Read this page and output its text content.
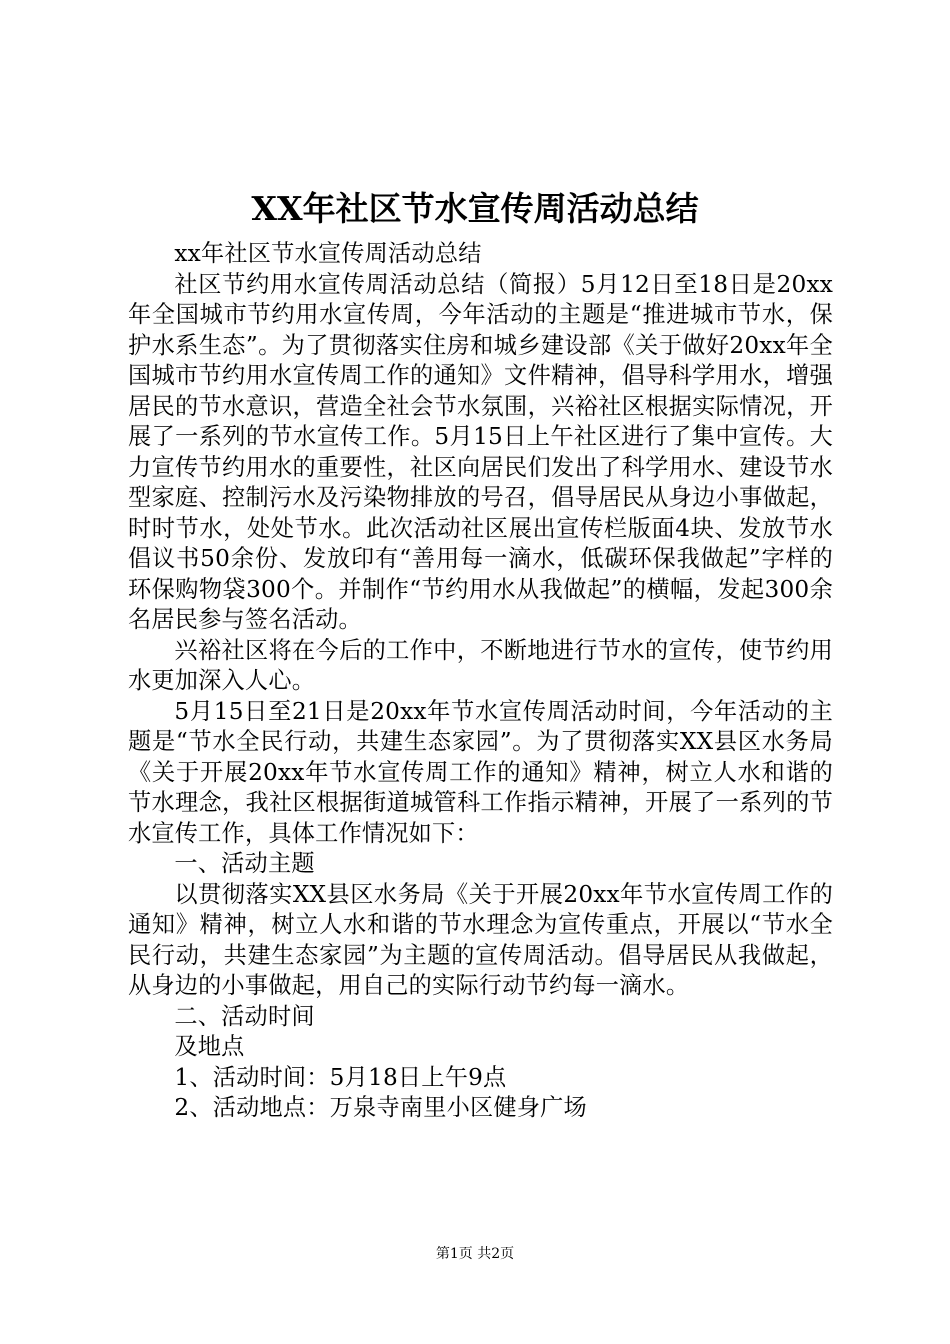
XX年社区节水宣传周活动总结

xx年社区节水宣传周活动总结

社区节约用水宣传周活动总结（简报）5月12日至18日是20xx年全国城市节约用水宣传周，今年活动的主题是“推进城市节水，保护水系生态”。为了贯彻落实住房和城乡建设部《关于做好20xx年全国城市节约用水宣传周工作的通知》文件精神，倡导科学用水，增强居民的节水意识，营造全社会节水氛围，兴裕社区根据实际情况，开展了一系列的节水宣传工作。5月15日上午社区进行了集中宣传。大力宣传节约用水的重要性，社区向居民们发出了科学用水、建设节水型家庭、控制污水及污染物排放的号召，倡导居民从身边小事做起，时时节水，处处节水。此次活动社区展出宣传栏版面4块、发放节水倡议书50余份、发放印有“善用每一滴水，低碳环保我做起”字样的环保购物袋300个。并制作“节约用水从我做起”的横幅，发起300余名居民参与签名活动。

兴裕社区将在今后的工作中，不断地进行节水的宣传，使节约用水更加深入人心。

5月15日至21日是20xx年节水宣传周活动时间，今年活动的主题是“节水全民行动，共建生态家园”。为了贯彻落实XX县区水务局《关于开展20xx年节水宣传周工作的通知》精神，树立人水和谐的节水理念，我社区根据街道城管科工作指示精神，开展了一系列的节水宣传工作，具体工作情况如下：

一、活动主题

以贯彻落实XX县区水务局《关于开展20xx年节水宣传周工作的通知》精神，树立人水和谐的节水理念为宣传重点，开展以“节水全民行动，共建生态家园”为主题的宣传周活动。倡导居民从我做起，从身边的小事做起，用自己的实际行动节约每一滴水。

二、活动时间

及地点

1、活动时间：5月18日上午9点

2、活动地点：万泉寺南里小区健身广场

第1页 共2页
